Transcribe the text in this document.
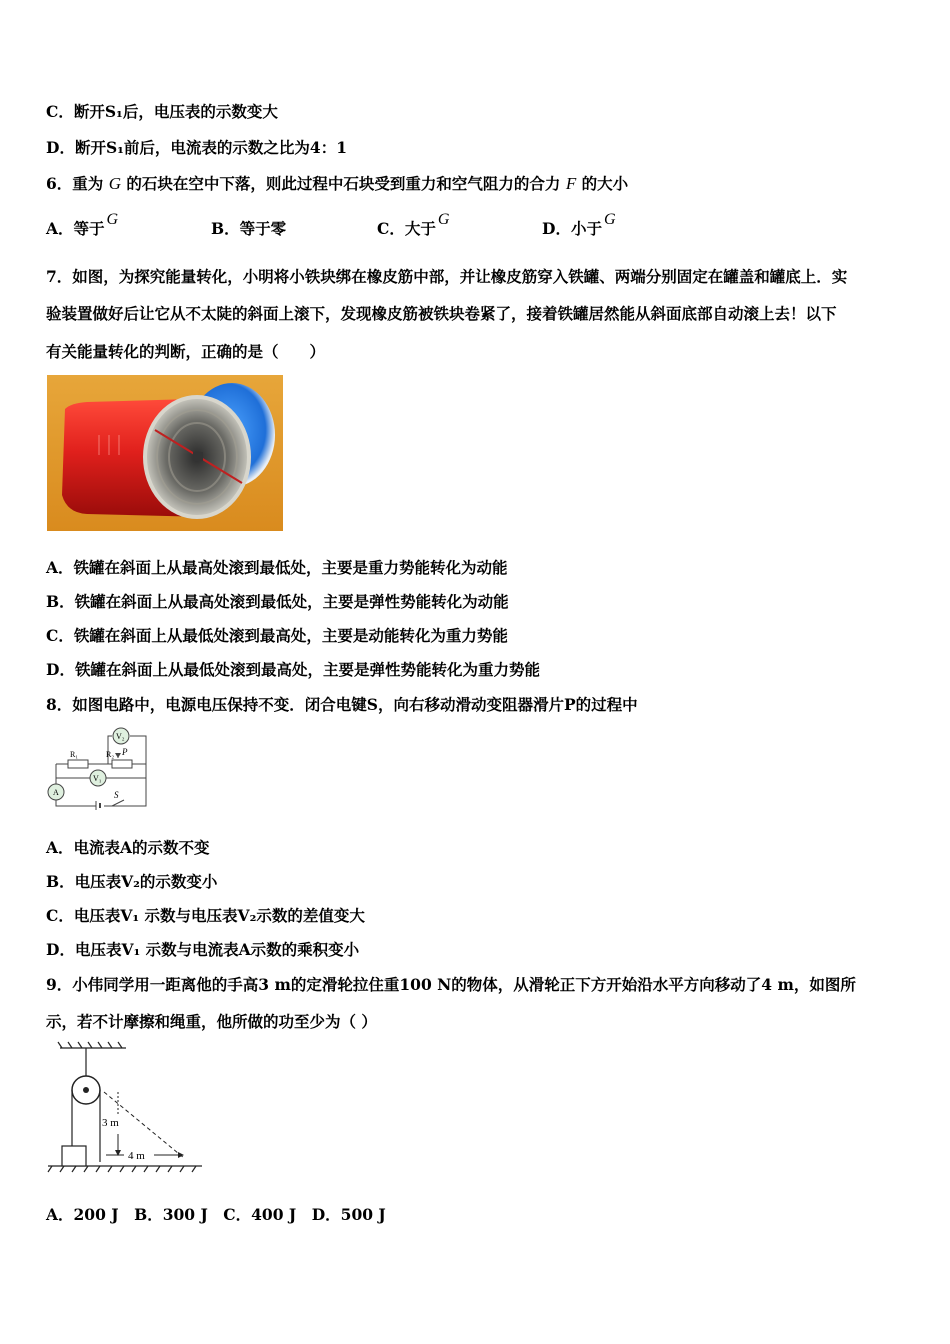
C．断开S₁后，电压表的示数变大
D．断开S₁前后，电流表的示数之比为4：1
6．重为 G 的石块在空中下落，则此过程中石块受到重力和空气阻力的合力 F 的大小
A．等于 G	B．等于零	C．大于 G	D．小于 G
7．如图，为探究能量转化，小明将小铁块绑在橡皮筋中部，并让橡皮筋穿入铁罐、两端分别固定在罐盖和罐底上．实
验装置做好后让它从不太陡的斜面上滚下，发现橡皮筋被铁块卷紧了，接着铁罐居然能从斜面底部自动滚上去！以下
有关能量转化的判断，正确的是（　　）
A．铁罐在斜面上从最高处滚到最低处，主要是重力势能转化为动能
B．铁罐在斜面上从最高处滚到最低处，主要是弹性势能转化为动能
C．铁罐在斜面上从最低处滚到最高处，主要是动能转化为重力势能
D．铁罐在斜面上从最低处滚到最高处，主要是弹性势能转化为重力势能
8．如图电路中，电源电压保持不变．闭合电键S，向右移动滑动变阻器滑片P的过程中
R₁	R₂ P
V₂
V₁
A	S
A．电流表A的示数不变
B．电压表V₂的示数变小
C．电压表V₁ 示数与电压表V₂示数的差值变大
D．电压表V₁ 示数与电流表A示数的乘积变小
9．小伟同学用一距离他的手高3 m的定滑轮拉住重100 N的物体，从滑轮正下方开始沿水平方向移动了4 m，如图所
示，若不计摩擦和绳重，他所做的功至少为（ ）
3 m
4 m
A．200 J　B．300 J　C．400 J　D．500 J
